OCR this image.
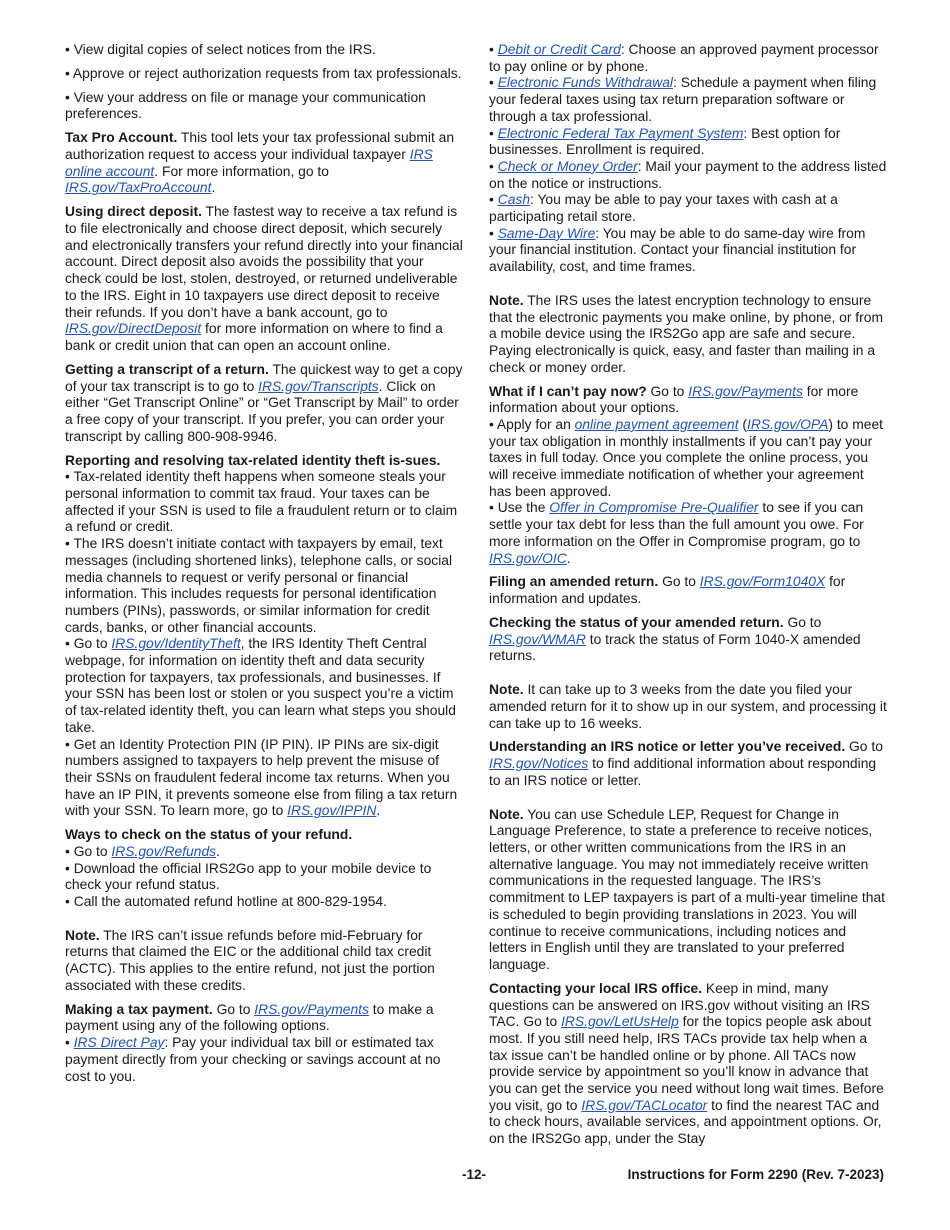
• View digital copies of select notices from the IRS.
• Approve or reject authorization requests from tax professionals.
• View your address on file or manage your communication preferences.
Tax Pro Account. This tool lets your tax professional submit an authorization request to access your individual taxpayer IRS online account. For more information, go to IRS.gov/TaxProAccount.
Using direct deposit. The fastest way to receive a tax refund is to file electronically and choose direct deposit, which securely and electronically transfers your refund directly into your financial account. Direct deposit also avoids the possibility that your check could be lost, stolen, destroyed, or returned undeliverable to the IRS. Eight in 10 taxpayers use direct deposit to receive their refunds. If you don’t have a bank account, go to IRS.gov/DirectDeposit for more information on where to find a bank or credit union that can open an account online.
Getting a transcript of a return. The quickest way to get a copy of your tax transcript is to go to IRS.gov/Transcripts. Click on either “Get Transcript Online” or “Get Transcript by Mail” to order a free copy of your transcript. If you prefer, you can order your transcript by calling 800-908-9946.
Reporting and resolving tax-related identity theft is-sues.
• Tax-related identity theft happens when someone steals your personal information to commit tax fraud. Your taxes can be affected if your SSN is used to file a fraudulent return or to claim a refund or credit.
• The IRS doesn’t initiate contact with taxpayers by email, text messages (including shortened links), telephone calls, or social media channels to request or verify personal or financial information. This includes requests for personal identification numbers (PINs), passwords, or similar information for credit cards, banks, or other financial accounts.
• Go to IRS.gov/IdentityTheft, the IRS Identity Theft Central webpage, for information on identity theft and data security protection for taxpayers, tax professionals, and businesses. If your SSN has been lost or stolen or you suspect you’re a victim of tax-related identity theft, you can learn what steps you should take.
• Get an Identity Protection PIN (IP PIN). IP PINs are six-digit numbers assigned to taxpayers to help prevent the misuse of their SSNs on fraudulent federal income tax returns. When you have an IP PIN, it prevents someone else from filing a tax return with your SSN. To learn more, go to IRS.gov/IPPIN.
Ways to check on the status of your refund.
• Go to IRS.gov/Refunds.
• Download the official IRS2Go app to your mobile device to check your refund status.
• Call the automated refund hotline at 800-829-1954.
Note. The IRS can’t issue refunds before mid-February for returns that claimed the EIC or the additional child tax credit (ACTC). This applies to the entire refund, not just the portion associated with these credits.
Making a tax payment. Go to IRS.gov/Payments to make a payment using any of the following options.
• IRS Direct Pay: Pay your individual tax bill or estimated tax payment directly from your checking or savings account at no cost to you.
• Debit or Credit Card: Choose an approved payment processor to pay online or by phone.
• Electronic Funds Withdrawal: Schedule a payment when filing your federal taxes using tax return preparation software or through a tax professional.
• Electronic Federal Tax Payment System: Best option for businesses. Enrollment is required.
• Check or Money Order: Mail your payment to the address listed on the notice or instructions.
• Cash: You may be able to pay your taxes with cash at a participating retail store.
• Same-Day Wire: You may be able to do same-day wire from your financial institution. Contact your financial institution for availability, cost, and time frames.
Note. The IRS uses the latest encryption technology to ensure that the electronic payments you make online, by phone, or from a mobile device using the IRS2Go app are safe and secure. Paying electronically is quick, easy, and faster than mailing in a check or money order.
What if I can’t pay now? Go to IRS.gov/Payments for more information about your options.
• Apply for an online payment agreement (IRS.gov/OPA) to meet your tax obligation in monthly installments if you can’t pay your taxes in full today. Once you complete the online process, you will receive immediate notification of whether your agreement has been approved.
• Use the Offer in Compromise Pre-Qualifier to see if you can settle your tax debt for less than the full amount you owe. For more information on the Offer in Compromise program, go to IRS.gov/OIC.
Filing an amended return. Go to IRS.gov/Form1040X for information and updates.
Checking the status of your amended return. Go to IRS.gov/WMAR to track the status of Form 1040-X amended returns.
Note. It can take up to 3 weeks from the date you filed your amended return for it to show up in our system, and processing it can take up to 16 weeks.
Understanding an IRS notice or letter you’ve received. Go to IRS.gov/Notices to find additional information about responding to an IRS notice or letter.
Note. You can use Schedule LEP, Request for Change in Language Preference, to state a preference to receive notices, letters, or other written communications from the IRS in an alternative language. You may not immediately receive written communications in the requested language. The IRS’s commitment to LEP taxpayers is part of a multi-year timeline that is scheduled to begin providing translations in 2023. You will continue to receive communications, including notices and letters in English until they are translated to your preferred language.
Contacting your local IRS office. Keep in mind, many questions can be answered on IRS.gov without visiting an IRS TAC. Go to IRS.gov/LetUsHelp for the topics people ask about most. If you still need help, IRS TACs provide tax help when a tax issue can’t be handled online or by phone. All TACs now provide service by appointment so you’ll know in advance that you can get the service you need without long wait times. Before you visit, go to IRS.gov/TACLocator to find the nearest TAC and to check hours, available services, and appointment options. Or, on the IRS2Go app, under the Stay
-12-	Instructions for Form 2290 (Rev. 7-2023)
